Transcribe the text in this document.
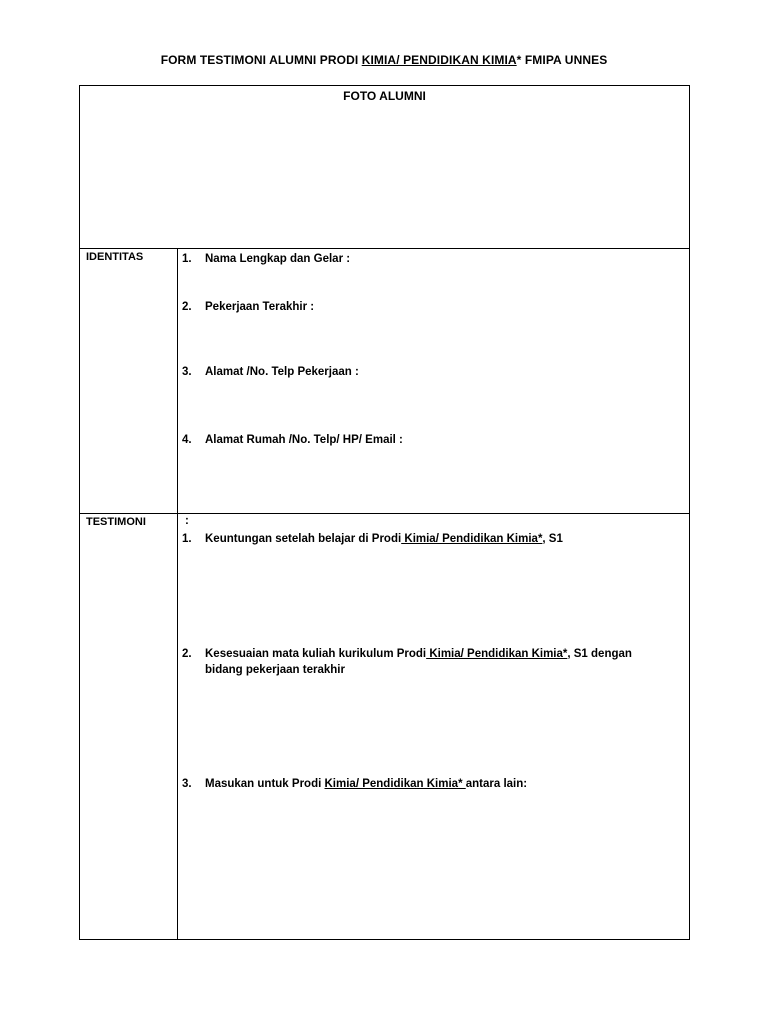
FORM TESTIMONI ALUMNI PRODI KIMIA/ PENDIDIKAN KIMIA* FMIPA UNNES
FOTO ALUMNI
IDENTITAS	1. Nama Lengkap dan Gelar :
2. Pekerjaan Terakhir :
3. Alamat /No. Telp Pekerjaan :
4. Alamat Rumah /No. Telp/ HP/ Email :
TESTIMONI	:
1. Keuntungan setelah belajar di Prodi Kimia/ Pendidikan Kimia*, S1
2. Kesesuaian mata kuliah kurikulum Prodi Kimia/ Pendidikan Kimia*, S1 dengan
bidang pekerjaan terakhir
3. Masukan untuk Prodi Kimia/ Pendidikan Kimia* antara lain:
